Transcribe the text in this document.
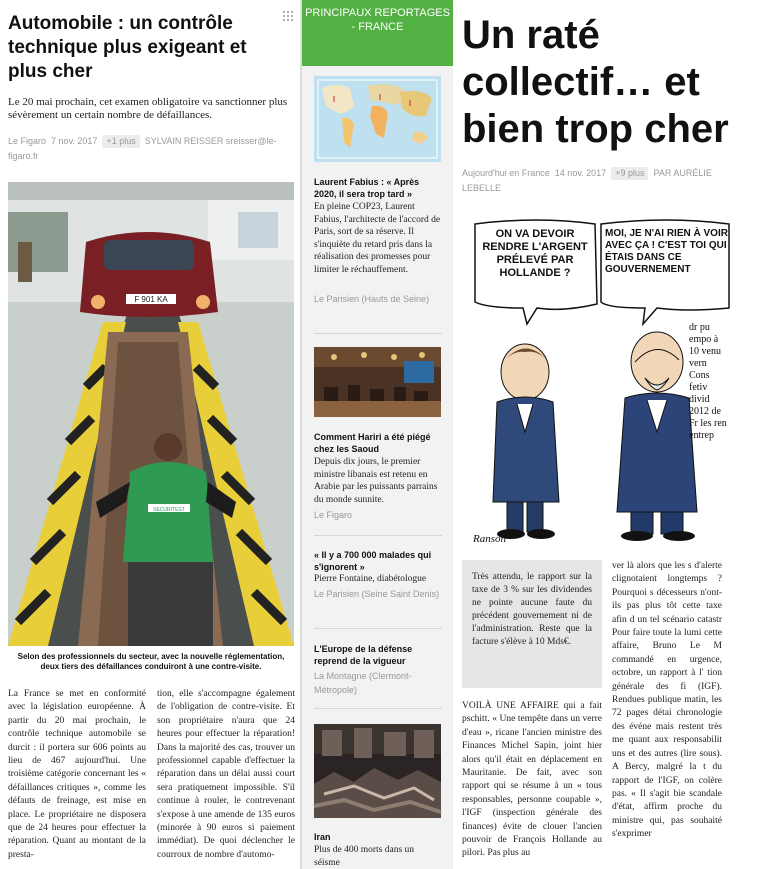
Automobile : un contrôle technique plus exigeant et plus cher
Le 20 mai prochain, cet examen obligatoire va sanctionner plus sévèrement un certain nombre de défaillances.
Le Figaro 7 nov. 2017 +1 plus SYLVAIN REISSER sreisser@le-figaro.fr
F 901 KA
SECURITEST
Selon des professionnels du secteur, avec la nouvelle réglementation, deux tiers des défaillances conduiront à une contre-visite.
La France se met en conformité avec la législation européenne. À partir du 20 mai prochain, le contrôle technique automobile se durcit : il portera sur 606 points au lieu de 467 aujourd'hui. Une troisième catégorie concernant les « défaillances critiques », comme les défauts de freinage, est mise en place. Le propriétaire ne disposera que de 24 heures pour effectuer la réparation. Quant au montant de la presta-
tion, elle s'accompagne également de l'obligation de contre-visite. Et son propriétaire n'aura que 24 heures pour effectuer la réparation! Dans la majorité des cas, trouver un professionnel capable d'effectuer la réparation dans un délai aussi court sera pratiquement impossible. S'il continue à rouler, le contrevenant s'expose à une amende de 135 euros (minorée à 90 euros si paiement immédiat). De quoi déclencher le courroux de nombre d'automo-
PRINCIPAUX REPORTAGES - FRANCE
Laurent Fabius : « Après 2020, il sera trop tard »
En pleine COP23, Laurent Fabius, l'architecte de l'accord de Paris, sort de sa réserve. Il s'inquiète du retard pris dans la réalisation des promesses pour limiter le réchauffement.
Le Parisien (Hauts de Seine)
Comment Hariri a été piégé chez les Saoud
Depuis dix jours, le premier ministre libanais est retenu en Arabie par les puissants parrains du monde sunnite.
Le Figaro
« Il y a 700 000 malades qui s'ignorent »
Pierre Fontaine, diabétologue
Le Parisien (Seine Saint Denis)
L'Europe de la défense reprend de la vigueur
La Montagne (Clermont-Métropole)
Iran
Plus de 400 morts dans un séisme
Un raté
collectif… et
bien trop cher
Aujourd'hui en France 14 nov. 2017 +9 plus PAR AURÉLIE LEBELLE
ON VA DEVOIR RENDRE L'ARGENT PRÉLEVÉ PAR HOLLANDE ?
MOI, JE N'AI RIEN À VOIR AVEC ÇA ! C'EST TOI QUI ÉTAIS DANS CE GOUVERNEMENT
Ranson
dr pu empo à 10 venu vern Cons fetiv divid 2012 de Fr les ren entrep
Très attendu, le rapport sur la taxe de 3 % sur les dividendes ne pointe aucune faute du précédent gouvernement ni de l'administration. Reste que la facture s'élève à 10 Mds€.
VOILÀ UNE AFFAIRE qui a fait pschitt. « Une tempête dans un verre d'eau », ricane l'ancien ministre des Finances Michel Sapin, joint hier alors qu'il était en déplacement en Mauritanie. De fait, avec son rapport qui se résume à un « tous responsables, personne coupable », l'IGF (inspection générale des finances) évite de clouer l'ancien pouvoir de François Hollande au pilori. Pas plus au
ver là alors que les s d'alerte clignotaient longtemps ? Pourquoi s décesseurs n'ont-ils pas plus tôt cette taxe afin d un tel scénario catastr Pour faire toute la lumi cette affaire, Bruno Le M commandé en urgence, octobre, un rapport à l' tion générale des fi (IGF). Rendues publique matin, les 72 pages détai chronologie des événe mais restent très me quant aux responsabilit uns et des autres (lire sous). A Bercy, malgré la t du rapport de l'IGF, on colère pas. « Il s'agit bie scandale d'état, affirm proche du ministre qui, pas souhaité s'exprimer
